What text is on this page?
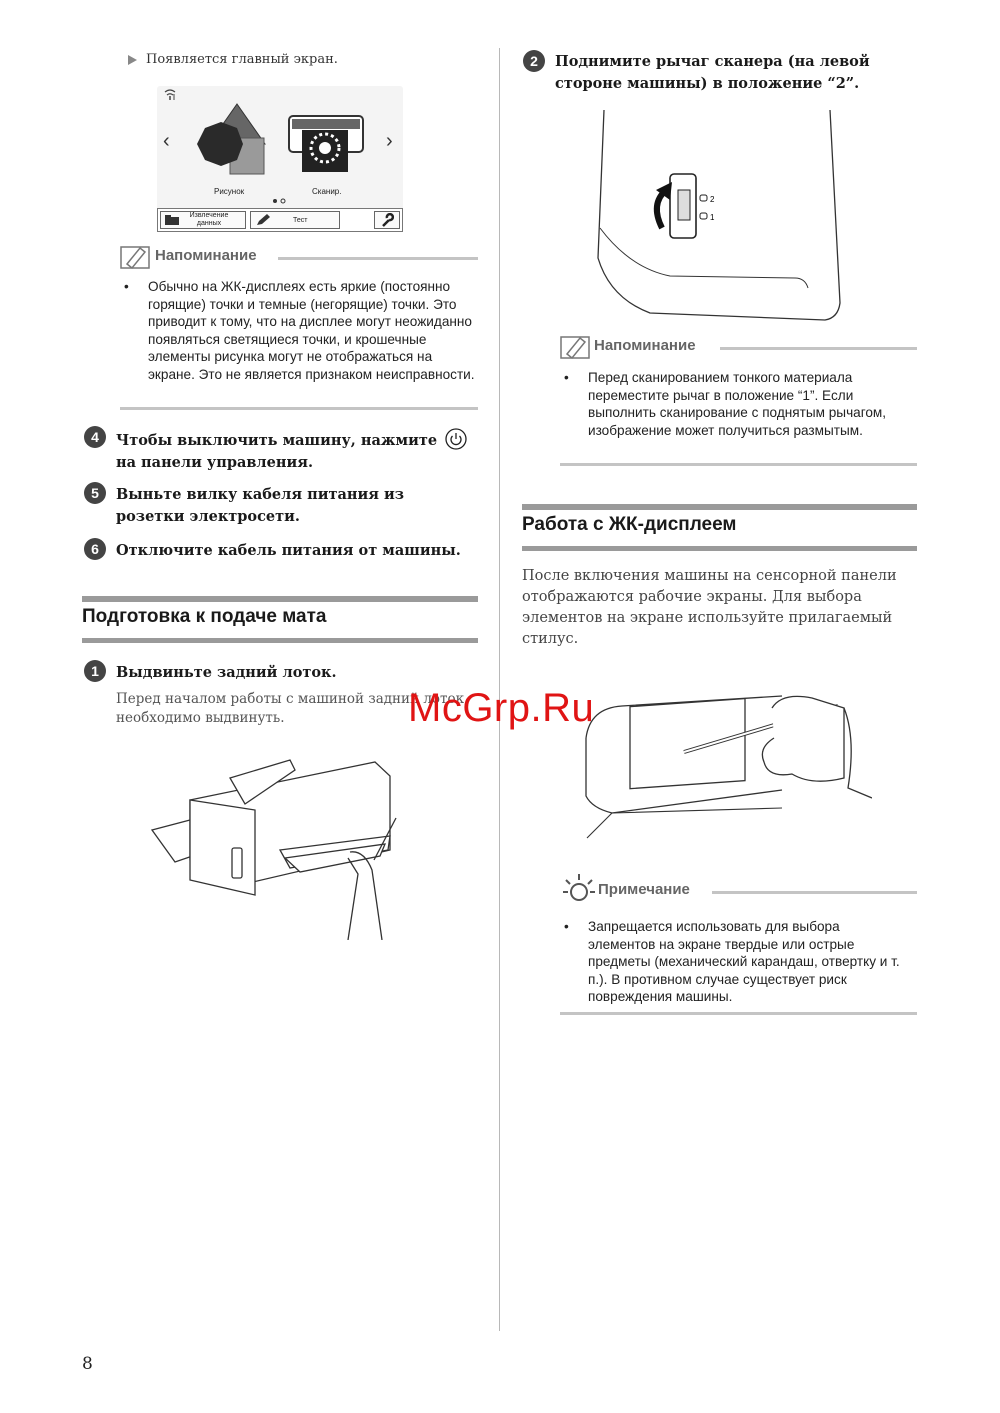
Появляется главный экран.
‹	›
Рисунок	Сканир.
Извлечение данных	Тест
Напоминание
• Обычно на ЖК-дисплеях есть яркие (постоянно горящие) точки и темные (негорящие) точки. Это приводит к тому, что на дисплее могут неожиданно появляться светящиеся точки, и крошечные элементы рисунка могут не отображаться на экране. Это не является признаком неисправности.
4	Чтобы выключить машину, нажмите  на панели управления.
5	Выньте вилку кабеля питания из розетки электросети.
6	Отключите кабель питания от машины.
Подготовка к подаче мата
1	Выдвиньте задний лоток.
Перед началом работы с машиной задний лоток необходимо выдвинуть.
2	Поднимите рычаг сканера (на левой стороне машины) в положение “2”.
2
1
Напоминание
• Перед сканированием тонкого материала переместите рычаг в положение “1”. Если выполнить сканирование с поднятым рычагом, изображение может получиться размытым.
Работа с ЖК-дисплеем
После включения машины на сенсорной панели отображаются рабочие экраны. Для выбора элементов на экране используйте прилагаемый стилус.
Примечание
• Запрещается использовать для выбора элементов на экране твердые или острые предметы (механический карандаш, отвертку и т. п.). В противном случае существует риск повреждения машины.
McGrp.Ru
8
